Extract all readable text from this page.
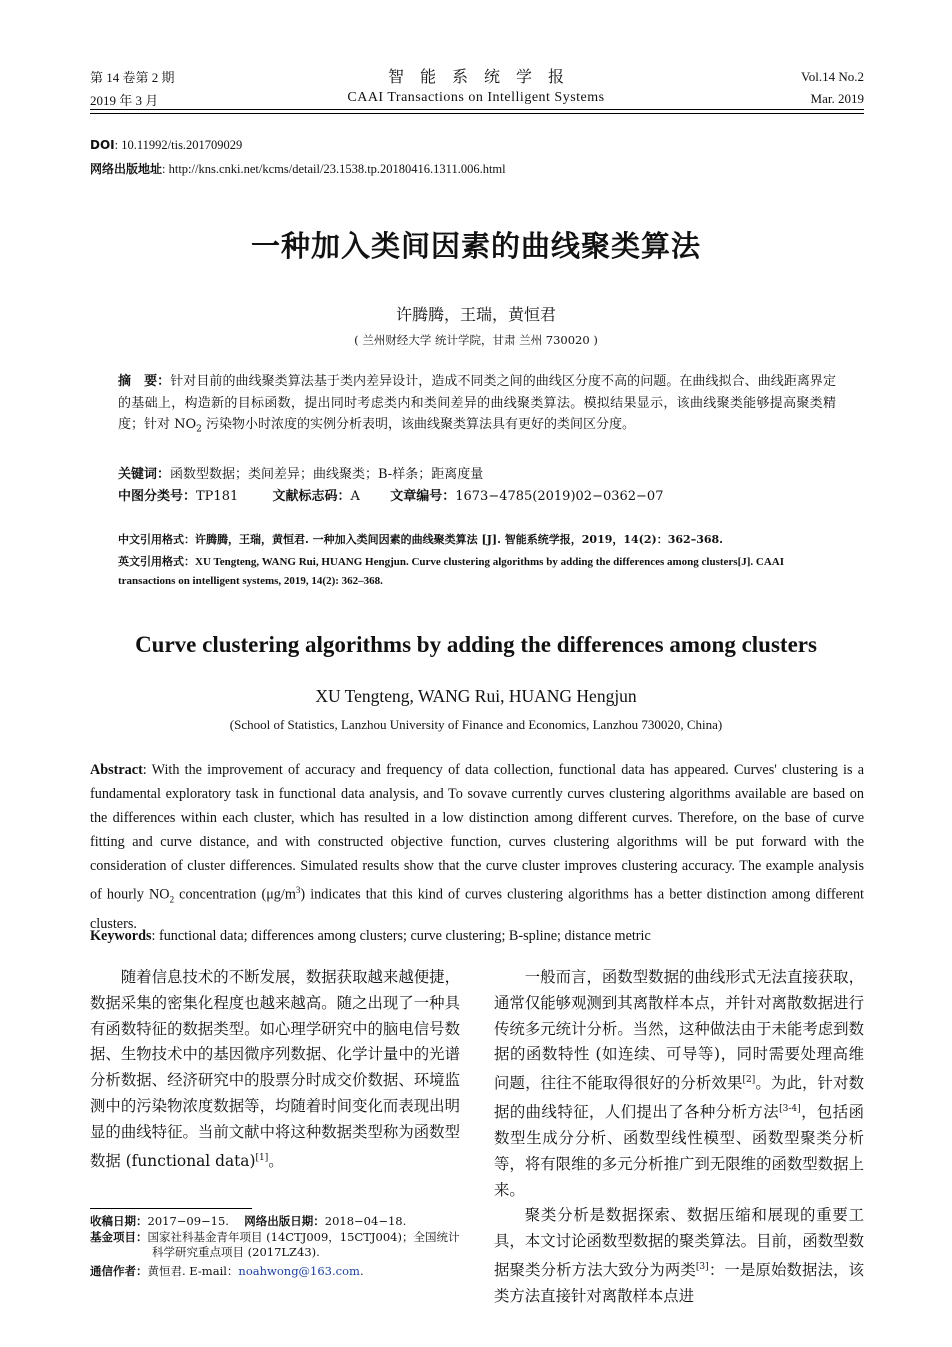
第 14 卷第 2 期
2019 年 3 月
智　能　系　统　学　报
CAAI Transactions on Intelligent Systems
Vol.14 No.2
Mar. 2019
DOI: 10.11992/tis.201709029
网络出版地址: http://kns.cnki.net/kcms/detail/23.1538.tp.20180416.1311.006.html
一种加入类间因素的曲线聚类算法
许腾腾，王瑞，黄恒君
( 兰州财经大学 统计学院，甘肃 兰州 730020 )
摘　要：针对目前的曲线聚类算法基于类内差异设计，造成不同类之间的曲线区分度不高的问题。在曲线拟合、曲线距离界定的基础上，构造新的目标函数，提出同时考虑类内和类间差异的曲线聚类算法。模拟结果显示，该曲线聚类能够提高聚类精度；针对 $NO_2$ 污染物小时浓度的实例分析表明，该曲线聚类算法具有更好的类间区分度。
关键词：函数型数据；类间差异；曲线聚类；B-样条；距离度量
中图分类号：TP181	文献标志码：A 文章编号：1673−4785(2019)02−0362−07
中文引用格式：许腾腾，王瑞，黄恒君. 一种加入类间因素的曲线聚类算法 [J]. 智能系统学报，2019，14(2)：362–368.
英文引用格式：XU Tengteng, WANG Rui, HUANG Hengjun. Curve clustering algorithms by adding the differences among clusters[J]. CAAI transactions on intelligent systems, 2019, 14(2): 362–368.
Curve clustering algorithms by adding the differences among clusters
XU Tengteng, WANG Rui, HUANG Hengjun
(School of Statistics, Lanzhou University of Finance and Economics, Lanzhou 730020, China)
Abstract: With the improvement of accuracy and frequency of data collection, functional data has appeared. Curves' clustering is a fundamental exploratory task in functional data analysis, and To sovave currently curves clustering algorithms available are based on the differences within each cluster, which has resulted in a low distinction among different curves. Therefore, on the base of curve fitting and curve distance, and with constructed objective function, curves clustering algorithms will be put forward with the consideration of cluster differences. Simulated results show that the curve cluster improves clustering accuracy. The example analysis of hourly $NO_2$ concentration $(\mu g/m^3)$ indicates that this kind of curves clustering algorithms has a better distinction among different clusters.
Keywords: functional data; differences among clusters; curve clustering; B-spline; distance metric

随着信息技术的不断发展，数据获取越来越便捷，数据采集的密集化程度也越来越高。随之出现了一种具有函数特征的数据类型。如心理学研究中的脑电信号数据、生物技术中的基因微序列数据、化学计量中的光谱分析数据、经济研究中的股票分时成交价数据、环境监测中的污染物浓度数据等，均随着时间变化而表现出明显的曲线特征。当前文献中将这种数据类型称为函数型数据 (functional data)[1]。

一般而言，函数型数据的曲线形式无法直接获取，通常仅能够观测到其离散样本点，并针对离散数据进行传统多元统计分析。当然，这种做法由于未能考虑到数据的函数特性 (如连续、可导等)，同时需要处理高维问题，往往不能取得很好的分析效果[2]。为此，针对数据的曲线特征，人们提出了各种分析方法[3-4]，包括函数型生成分分析、函数型线性模型、函数型聚类分析等，将有限维的多元分析推广到无限维的函数型数据上来。

聚类分析是数据探索、数据压缩和展现的重要工具，本文讨论函数型数据的聚类算法。目前，函数型数据聚类分析方法大致分为两类[3]：一是原始数据法，该类方法直接针对离散样本点进

收稿日期：2017−09−15. 网络出版日期：2018−04−18.
基金项目：国家社科基金青年项目 (14CTJ009，15CTJ004)；全国统计科学研究重点项目 (2017LZ43).
通信作者：黄恒君. E-mail：noahwong@163.com.
